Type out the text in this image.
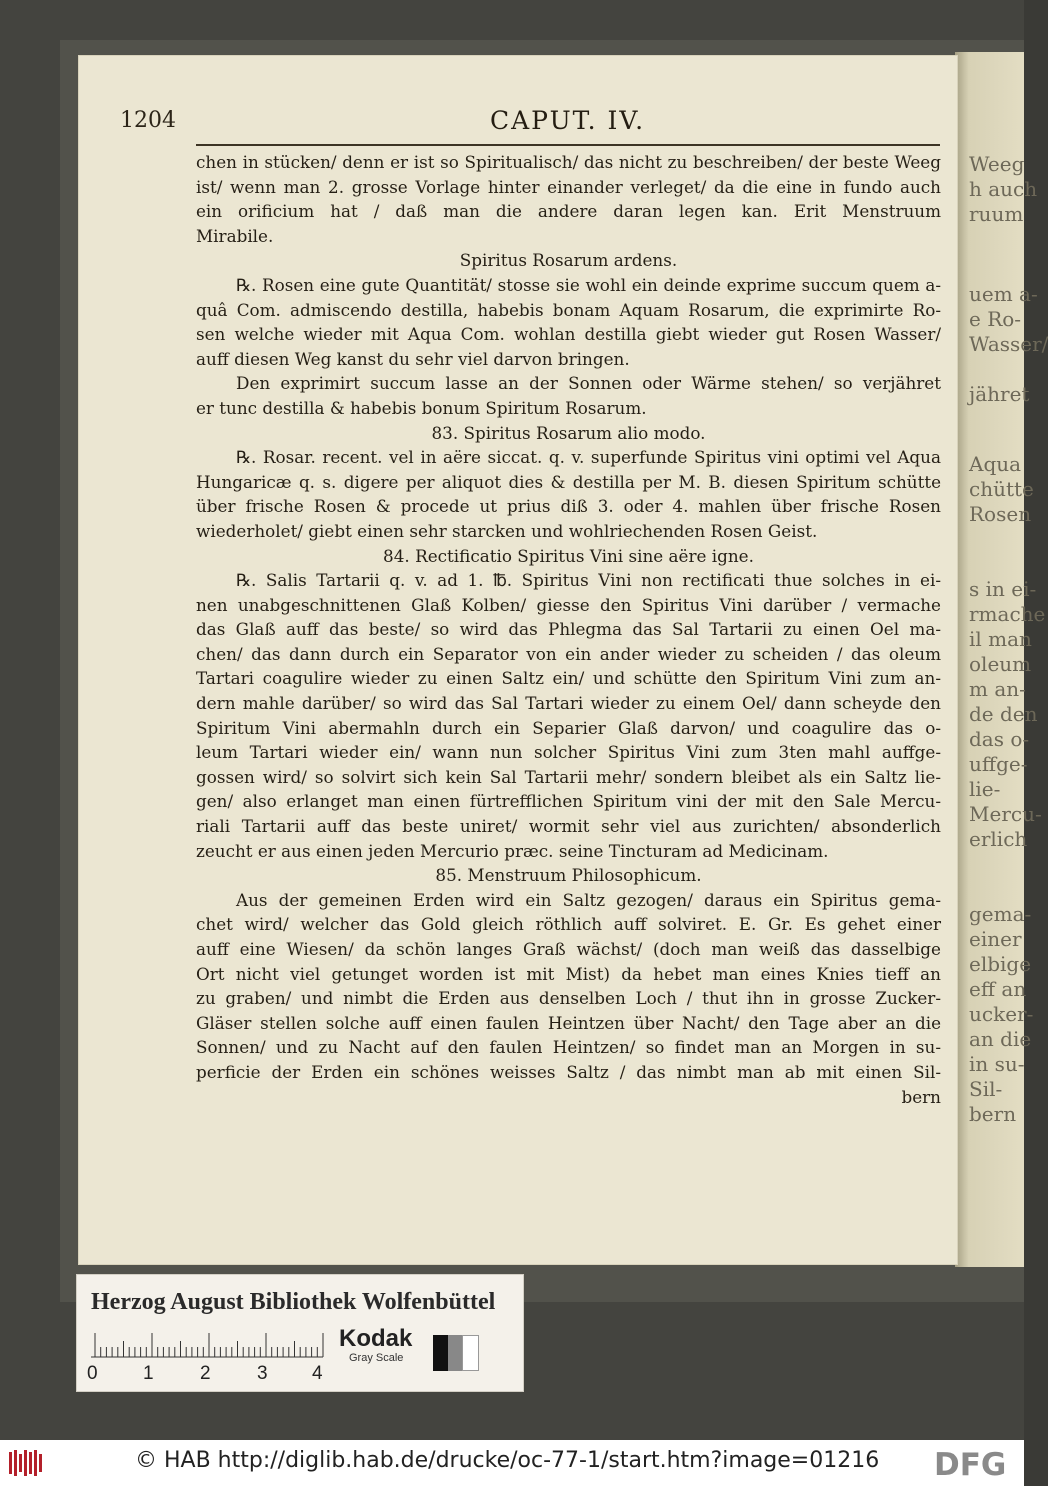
Weeg
h auch
ruum
uem a-
e Ro-
Wasser/
jähret
Aqua
chütte
Rosen
s in ei-
rmache
il man
oleum
m an-
de den
das o-
uffge-
lie-
Mercu-
erlich
gema-
einer
elbige
eff an
ucker-
an die
in su-
Sil-
bern
1204	CAPUT. IV.
chen in stücken/ denn er ist so Spiritualisch/ das nicht zu beschreiben/ der beste Weeg
ist/ wenn man 2. grosse Vorlage hinter einander verleget/ da die eine in fundo auch
ein orificium hat / daß man die andere daran legen kan. Erit Menstruum
Mirabile.
Spiritus Rosarum ardens.
℞. Rosen eine gute Quantität/ stosse sie wohl ein deinde exprime succum quem a-
quâ Com. admiscendo destilla, habebis bonam Aquam Rosarum, die exprimirte Ro-
sen welche wieder mit Aqua Com. wohlan destilla giebt wieder gut Rosen Wasser/
auff diesen Weg kanst du sehr viel darvon bringen.
Den exprimirt succum lasse an der Sonnen oder Wärme stehen/ so verjähret
er tunc destilla & habebis bonum Spiritum Rosarum.
83. Spiritus Rosarum alio modo.
℞. Rosar. recent. vel in aëre siccat. q. v. superfunde Spiritus vini optimi vel Aqua
Hungaricæ q. s. digere per aliquot dies & destilla per M. B. diesen Spiritum schütte
über frische Rosen & procede ut prius diß 3. oder 4. mahlen über frische Rosen
wiederholet/ giebt einen sehr starcken und wohlriechenden Rosen Geist.
84. Rectificatio Spiritus Vini sine aëre igne.
℞. Salis Tartarii q. v. ad 1. ℔. Spiritus Vini non rectificati thue solches in ei-
nen unabgeschnittenen Glaß Kolben/ giesse den Spiritus Vini darüber / vermache
das Glaß auff das beste/ so wird das Phlegma das Sal Tartarii zu einen Oel ma-
chen/ das dann durch ein Separator von ein ander wieder zu scheiden / das oleum
Tartari coagulire wieder zu einen Saltz ein/ und schütte den Spiritum Vini zum an-
dern mahle darüber/ so wird das Sal Tartari wieder zu einem Oel/ dann scheyde den
Spiritum Vini abermahln durch ein Separier Glaß darvon/ und coagulire das o-
leum Tartari wieder ein/ wann nun solcher Spiritus Vini zum 3ten mahl auffge-
gossen wird/ so solvirt sich kein Sal Tartarii mehr/ sondern bleibet als ein Saltz lie-
gen/ also erlanget man einen fürtrefflichen Spiritum vini der mit den Sale Mercu-
riali Tartarii auff das beste uniret/ wormit sehr viel aus zurichten/ absonderlich
zeucht er aus einen jeden Mercurio præc. seine Tincturam ad Medicinam.
85. Menstruum Philosophicum.
Aus der gemeinen Erden wird ein Saltz gezogen/ daraus ein Spiritus gema-
chet wird/ welcher das Gold gleich röthlich auff solviret. E. Gr. Es gehet einer
auff eine Wiesen/ da schön langes Graß wächst/ (doch man weiß das dasselbige
Ort nicht viel getunget worden ist mit Mist) da hebet man eines Knies tieff an
zu graben/ und nimbt die Erden aus denselben Loch / thut ihn in grosse Zucker-
Gläser stellen solche auff einen faulen Heintzen über Nacht/ den Tage aber an die
Sonnen/ und zu Nacht auf den faulen Heintzen/ so findet man an Morgen in su-
perficie der Erden ein schönes weisses Saltz / das nimbt man ab mit einen Sil-
bern
Herzog August Bibliothek Wolfenbüttel
0 1 2 3 4
Kodak
Gray Scale
© HAB http://diglib.hab.de/drucke/oc-77-1/start.htm?image=01216 DFG
